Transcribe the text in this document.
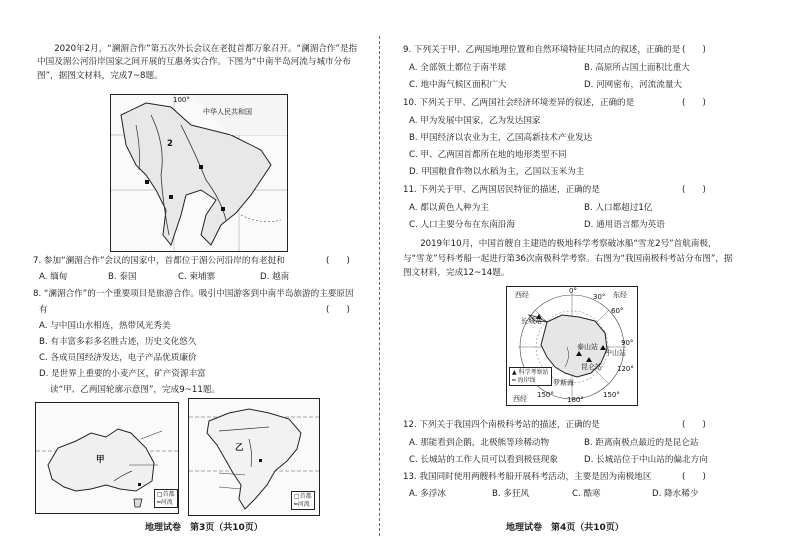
2020年2月，“澜湄合作”第五次外长会议在老挝首都万象召开。“澜湄合作”是指中国及湄公河沿岸国家之间开展的互惠务实合作。下图为“中南半岛河流与城市分布图”，据图文材料，完成7~8题。
100°
中华人民共和国
2
7. 参加“澜湄合作”会议的国家中，首都位于湄公河沿岸的有老挝和	(　　)
A. 缅甸	B. 泰国	C. 柬埔寨	D. 越南
8. “澜湄合作”的一个重要项目是旅游合作。吸引中国游客到中南半岛旅游的主要原因
有	(　　)
A. 与中国山水相连，热带风光秀美
B. 有丰富多彩多名胜古迹，历史文化悠久
C. 各成员国经济发达，电子产品优质廉价
D. 是世界上重要的小麦产区，矿产资源丰富
读“甲、乙两国轮廓示意图”，完成9~11题。
甲
□首都
━河流
乙
□首都
━河流
地理试卷　第3页（共10页）
9. 下列关于甲、乙两国地理位置和自然环境特征共同点的叙述，正确的是 (　　)
A. 全部领土都位于南半球	B. 高原所占国土面积比重大
C. 地中海气候区面积广大	D. 河网密布，河流流量大
10. 下列关于甲、乙两国社会经济环境差异的叙述，正确的是	(　　)
A. 甲为发展中国家，乙为发达国家
B. 甲国经济以农业为主，乙国高新技术产业发达
C. 甲、乙两国首都所在地的地形类型不同
D. 甲国粮食作物以水稻为主，乙国以玉米为主
11. 下列关于甲、乙两国居民特征的描述，正确的是	(　　)
A. 都以黄色人种为主	B. 人口都超过1亿
C. 人口主要分布在东南沿海	D. 通用语言都为英语
2019年10月，中国首艘自主建造的极地科学考察破冰船“雪龙2号”首航南极，与“雪龙”号科考船一起进行第36次南极科学考察。右图为“我国南极科考站分布图”，据图文材料，完成12~14题。
0°
150°
120°
90°
60°
30°
180°
150°
西经	东经
中山站
长城站
泰山站
昆仑站
罗斯海
西经
▲ 科学考察站
━ 海岸线
12. 下列关于我国四个南极科考站的描述，正确的是	(　　)
A. 那能看到企鹅，北极熊等珍稀动物	B. 距离南极点最近的是昆仑站
C. 长城站的工作人员可以看到极昼现象	D. 长城站位于中山站的偏北方向
13. 我国同时使用两艘科考船开展科考活动，主要是因为南极地区	(　　)
A. 多浮冰	B. 多狂风	C. 酷寒	D. 降水稀少
地理试卷　第4页（共10页）
